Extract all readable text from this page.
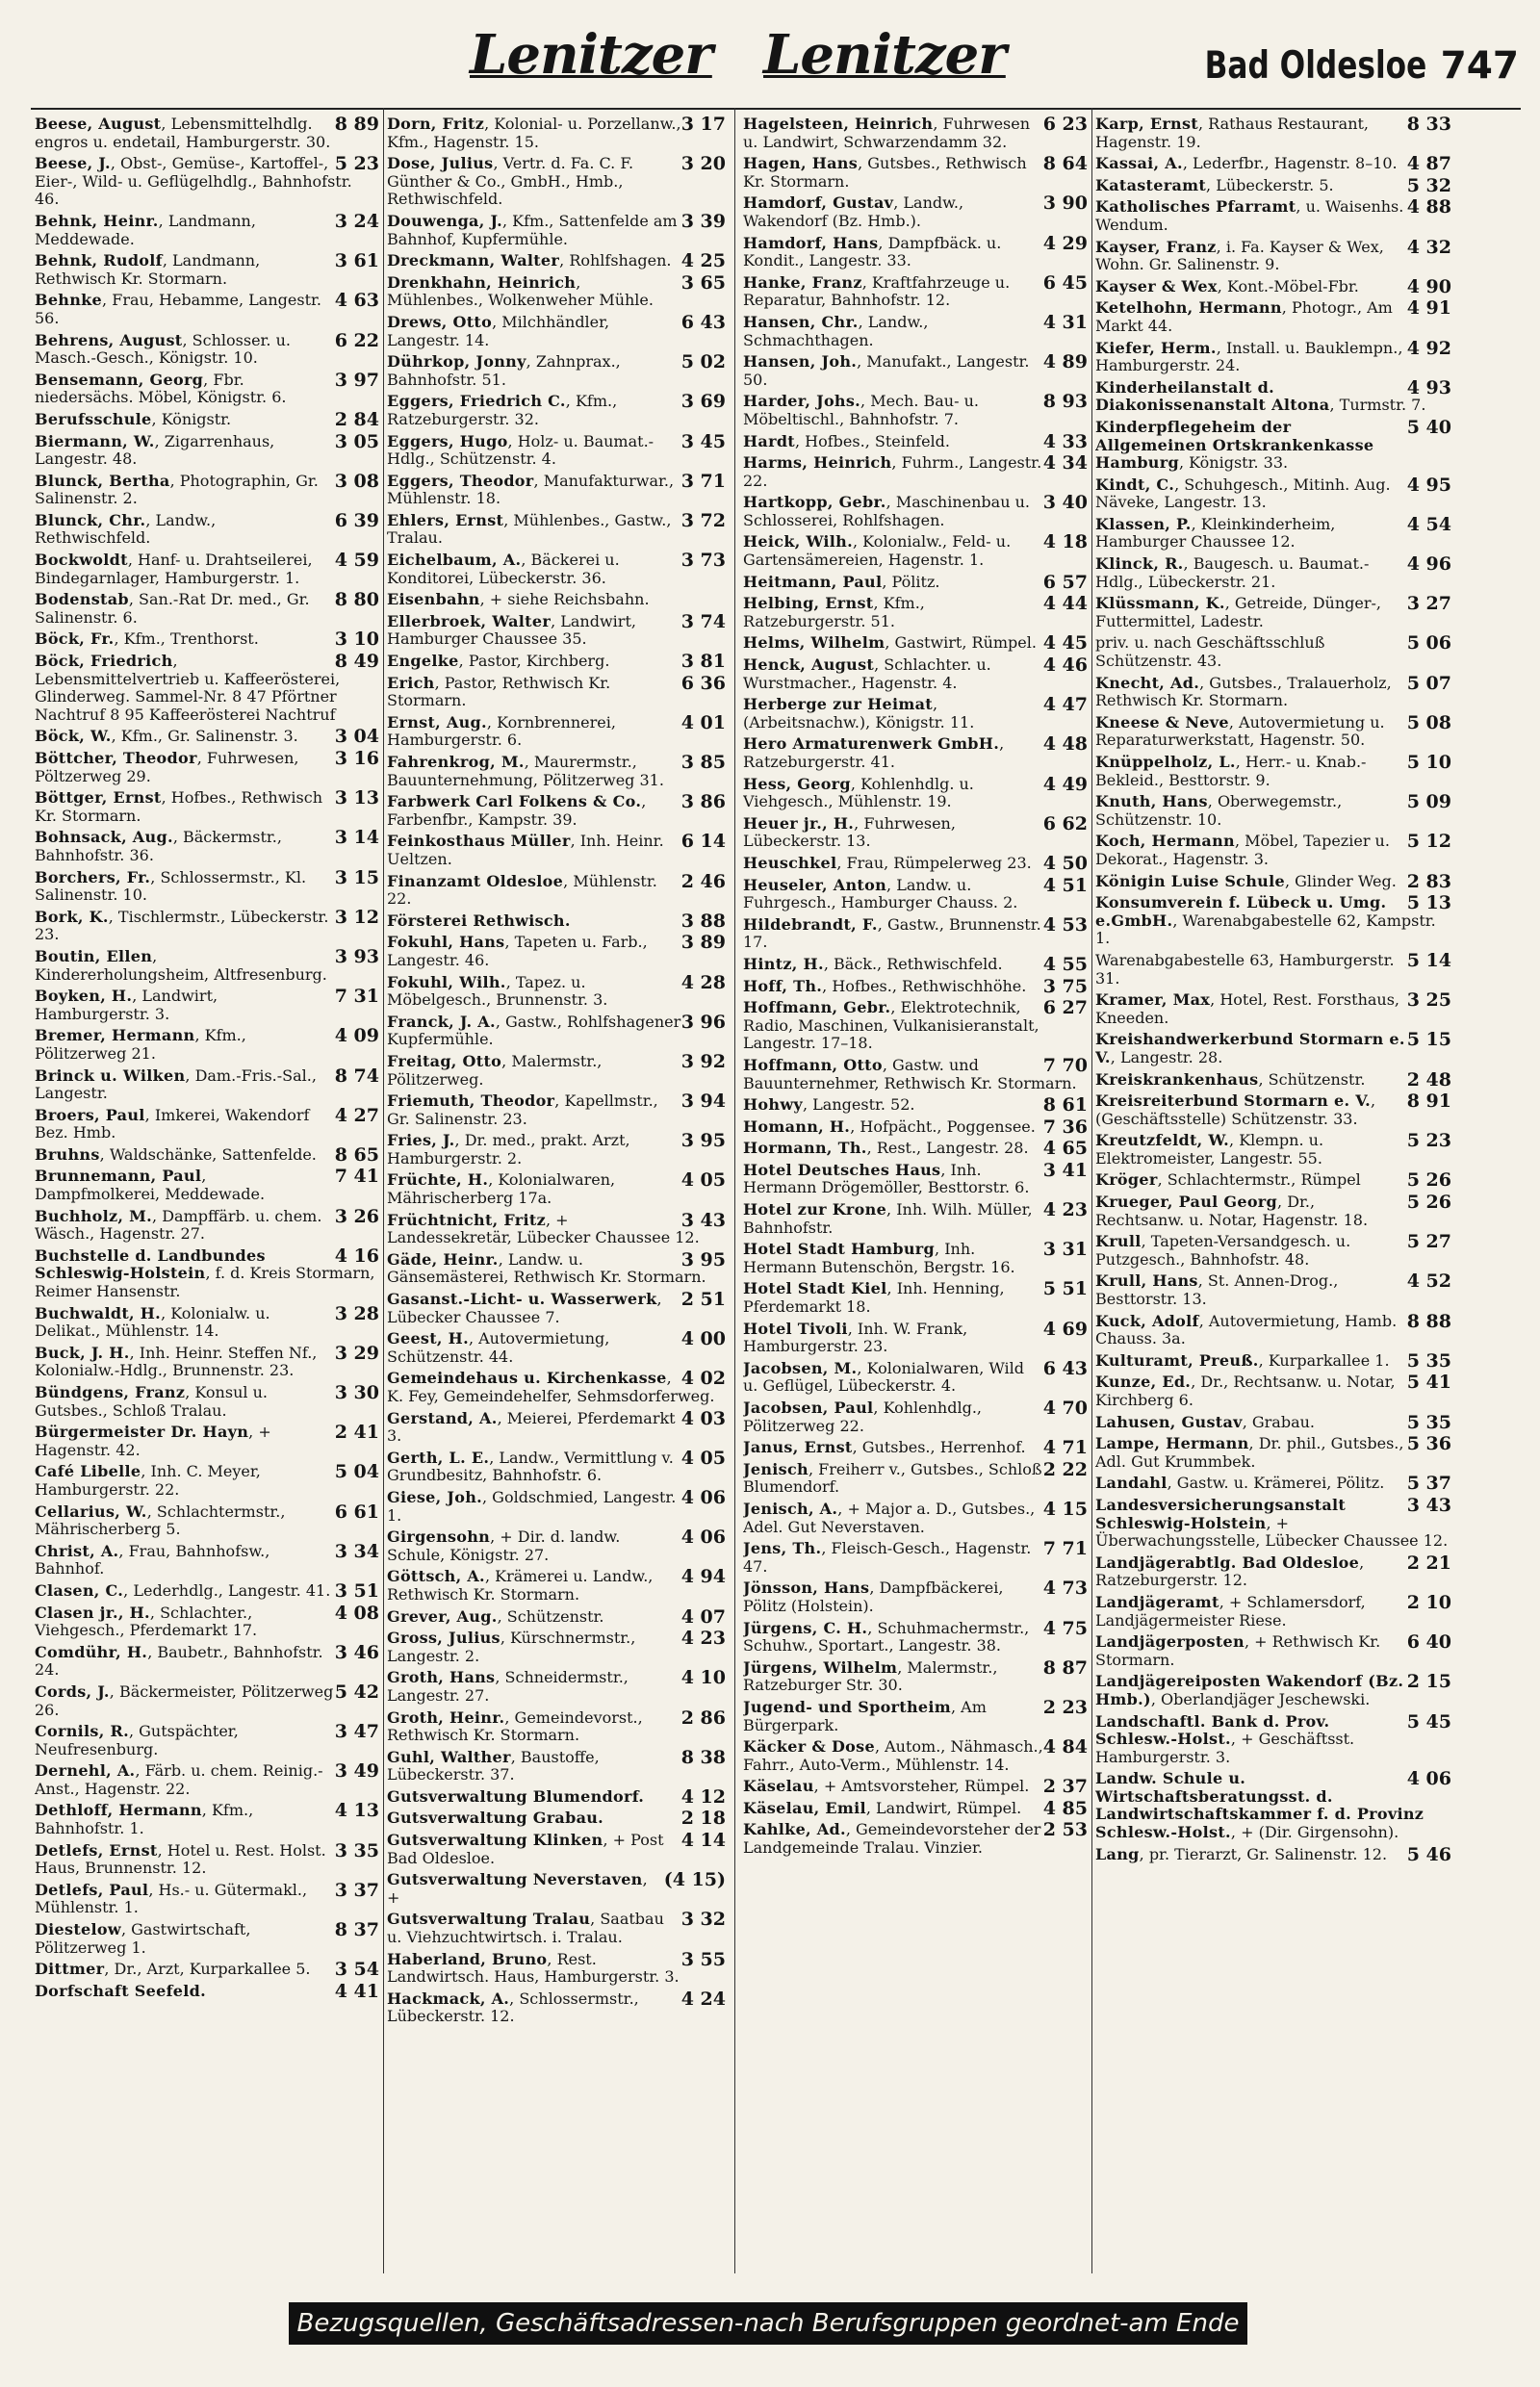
Lenitzer Lenitzer	Bad Oldesloe 747
8 89
Beese, August, Lebensmittelhdlg. engros u. endetail, Hamburgerstr. 30.
5 23
Beese, J., Obst-, Gemüse-, Kartoffel-, Eier-, Wild- u. Geflügelhdlg., Bahnhofstr. 46.
3 24
Behnk, Heinr., Landmann, Meddewade.
3 61
Behnk, Rudolf, Landmann, Rethwisch Kr. Stormarn.
4 63
Behnke, Frau, Hebamme, Langestr. 56.
6 22
Behrens, August, Schlosser. u. Masch.-Gesch., Königstr. 10.
3 97
Bensemann, Georg, Fbr. niedersächs. Möbel, Königstr. 6.
2 84
Berufsschule, Königstr.
3 05
Biermann, W., Zigarrenhaus, Langestr. 48.
3 08
Blunck, Bertha, Photographin, Gr. Salinenstr. 2.
6 39
Blunck, Chr., Landw., Rethwischfeld.
4 59
Bockwoldt, Hanf- u. Drahtseilerei, Bindegarnlager, Hamburgerstr. 1.
8 80
Bodenstab, San.-Rat Dr. med., Gr. Salinenstr. 6.
3 10
Böck, Fr., Kfm., Trenthorst.
8 49
Böck, Friedrich, Lebensmittelvertrieb u. Kaffeerösterei, Glinderweg. Sammel-Nr. 8 47 Pförtner Nachtruf 8 95 Kaffeerösterei Nachtruf
3 04
Böck, W., Kfm., Gr. Salinenstr. 3.
3 16
Böttcher, Theodor, Fuhrwesen, Pöltzerweg 29.
3 13
Böttger, Ernst, Hofbes., Rethwisch Kr. Stormarn.
3 14
Bohnsack, Aug., Bäckermstr., Bahnhofstr. 36.
3 15
Borchers, Fr., Schlossermstr., Kl. Salinenstr. 10.
3 12
Bork, K., Tischlermstr., Lübeckerstr. 23.
3 93
Boutin, Ellen, Kindererholungsheim, Altfresenburg.
7 31
Boyken, H., Landwirt, Hamburgerstr. 3.
4 09
Bremer, Hermann, Kfm., Pölitzerweg 21.
8 74
Brinck u. Wilken, Dam.-Fris.-Sal., Langestr.
4 27
Broers, Paul, Imkerei, Wakendorf Bez. Hmb.
8 65
Bruhns, Waldschänke, Sattenfelde.
7 41
Brunnemann, Paul, Dampfmolkerei, Meddewade.
3 26
Buchholz, M., Dampffärb. u. chem. Wäsch., Hagenstr. 27.
4 16
Buchstelle d. Landbundes Schleswig-Holstein, f. d. Kreis Stormarn, Reimer Hansenstr.
3 28
Buchwaldt, H., Kolonialw. u. Delikat., Mühlenstr. 14.
3 29
Buck, J. H., Inh. Heinr. Steffen Nf., Kolonialw.-Hdlg., Brunnenstr. 23.
3 30
Bündgens, Franz, Konsul u. Gutsbes., Schloß Tralau.
2 41
Bürgermeister Dr. Hayn, + Hagenstr. 42.
5 04
Café Libelle, Inh. C. Meyer, Hamburgerstr. 22.
6 61
Cellarius, W., Schlachtermstr., Mährischerberg 5.
3 34
Christ, A., Frau, Bahnhofsw., Bahnhof.
3 51
Clasen, C., Lederhdlg., Langestr. 41.
4 08
Clasen jr., H., Schlachter., Viehgesch., Pferdemarkt 17.
3 46
Comdühr, H., Baubetr., Bahnhofstr. 24.
5 42
Cords, J., Bäckermeister, Pölitzerweg 26.
3 47
Cornils, R., Gutspächter, Neufresenburg.
3 49
Dernehl, A., Färb. u. chem. Reinig.-Anst., Hagenstr. 22.
4 13
Dethloff, Hermann, Kfm., Bahnhofstr. 1.
3 35
Detlefs, Ernst, Hotel u. Rest. Holst. Haus, Brunnenstr. 12.
3 37
Detlefs, Paul, Hs.- u. Gütermakl., Mühlenstr. 1.
8 37
Diestelow, Gastwirtschaft, Pölitzerweg 1.
3 54
Dittmer, Dr., Arzt, Kurparkallee 5.
4 41
Dorfschaft Seefeld.
3 17
Dorn, Fritz, Kolonial- u. Porzellanw., Kfm., Hagenstr. 15.
3 20
Dose, Julius, Vertr. d. Fa. C. F. Günther & Co., GmbH., Hmb., Rethwischfeld.
3 39
Douwenga, J., Kfm., Sattenfelde am Bahnhof, Kupfermühle.
4 25
Dreckmann, Walter, Rohlfshagen.
3 65
Drenkhahn, Heinrich, Mühlenbes., Wolkenweher Mühle.
6 43
Drews, Otto, Milchhändler, Langestr. 14.
5 02
Dührkop, Jonny, Zahnprax., Bahnhofstr. 51.
3 69
Eggers, Friedrich C., Kfm., Ratzeburgerstr. 32.
3 45
Eggers, Hugo, Holz- u. Baumat.-Hdlg., Schützenstr. 4.
3 71
Eggers, Theodor, Manufakturwar., Mühlenstr. 18.
3 72
Ehlers, Ernst, Mühlenbes., Gastw., Tralau.
3 73
Eichelbaum, A., Bäckerei u. Konditorei, Lübeckerstr. 36.
Eisenbahn, + siehe Reichsbahn.
3 74
Ellerbroek, Walter, Landwirt, Hamburger Chaussee 35.
3 81
Engelke, Pastor, Kirchberg.
6 36
Erich, Pastor, Rethwisch Kr. Stormarn.
4 01
Ernst, Aug., Kornbrennerei, Hamburgerstr. 6.
3 85
Fahrenkrog, M., Maurermstr., Bauunternehmung, Pölitzerweg 31.
3 86
Farbwerk Carl Folkens & Co., Farbenfbr., Kampstr. 39.
6 14
Feinkosthaus Müller, Inh. Heinr. Ueltzen.
2 46
Finanzamt Oldesloe, Mühlenstr. 22.
3 88
Försterei Rethwisch.
3 89
Fokuhl, Hans, Tapeten u. Farb., Langestr. 46.
4 28
Fokuhl, Wilh., Tapez. u. Möbelgesch., Brunnenstr. 3.
3 96
Franck, J. A., Gastw., Rohlfshagener Kupfermühle.
3 92
Freitag, Otto, Malermstr., Pölitzerweg.
3 94
Friemuth, Theodor, Kapellmstr., Gr. Salinenstr. 23.
3 95
Fries, J., Dr. med., prakt. Arzt, Hamburgerstr. 2.
4 05
Früchte, H., Kolonialwaren, Mährischerberg 17a.
3 43
Früchtnicht, Fritz, + Landessekretär, Lübecker Chaussee 12.
3 95
Gäde, Heinr., Landw. u. Gänsemästerei, Rethwisch Kr. Stormarn.
2 51
Gasanst.-Licht- u. Wasserwerk, Lübecker Chaussee 7.
4 00
Geest, H., Autovermietung, Schützenstr. 44.
4 02
Gemeindehaus u. Kirchenkasse, K. Fey, Gemeindehelfer, Sehmsdorferweg.
4 03
Gerstand, A., Meierei, Pferdemarkt 3.
4 05
Gerth, L. E., Landw., Vermittlung v. Grundbesitz, Bahnhofstr. 6.
4 06
Giese, Joh., Goldschmied, Langestr. 1.
4 06
Girgensohn, + Dir. d. landw. Schule, Königstr. 27.
4 94
Göttsch, A., Krämerei u. Landw., Rethwisch Kr. Stormarn.
4 07
Grever, Aug., Schützenstr.
4 23
Gross, Julius, Kürschnermstr., Langestr. 2.
4 10
Groth, Hans, Schneidermstr., Langestr. 27.
2 86
Groth, Heinr., Gemeindevorst., Rethwisch Kr. Stormarn.
8 38
Guhl, Walther, Baustoffe, Lübeckerstr. 37.
4 12
Gutsverwaltung Blumendorf.
2 18
Gutsverwaltung Grabau.
4 14
Gutsverwaltung Klinken, + Post Bad Oldesloe.
(4 15)
Gutsverwaltung Neverstaven, +
3 32
Gutsverwaltung Tralau, Saatbau u. Viehzuchtwirtsch. i. Tralau.
3 55
Haberland, Bruno, Rest. Landwirtsch. Haus, Hamburgerstr. 3.
4 24
Hackmack, A., Schlossermstr., Lübeckerstr. 12.
6 23
Hagelsteen, Heinrich, Fuhrwesen u. Landwirt, Schwarzendamm 32.
8 64
Hagen, Hans, Gutsbes., Rethwisch Kr. Stormarn.
3 90
Hamdorf, Gustav, Landw., Wakendorf (Bz. Hmb.).
4 29
Hamdorf, Hans, Dampfbäck. u. Kondit., Langestr. 33.
6 45
Hanke, Franz, Kraftfahrzeuge u. Reparatur, Bahnhofstr. 12.
4 31
Hansen, Chr., Landw., Schmachthagen.
4 89
Hansen, Joh., Manufakt., Langestr. 50.
8 93
Harder, Johs., Mech. Bau- u. Möbeltischl., Bahnhofstr. 7.
4 33
Hardt, Hofbes., Steinfeld.
4 34
Harms, Heinrich, Fuhrm., Langestr. 22.
3 40
Hartkopp, Gebr., Maschinenbau u. Schlosserei, Rohlfshagen.
4 18
Heick, Wilh., Kolonialw., Feld- u. Gartensämereien, Hagenstr. 1.
6 57
Heitmann, Paul, Pölitz.
4 44
Helbing, Ernst, Kfm., Ratzeburgerstr. 51.
4 45
Helms, Wilhelm, Gastwirt, Rümpel.
4 46
Henck, August, Schlachter. u. Wurstmacher., Hagenstr. 4.
4 47
Herberge zur Heimat, (Arbeitsnachw.), Königstr. 11.
4 48
Hero Armaturenwerk GmbH., Ratzeburgerstr. 41.
4 49
Hess, Georg, Kohlenhdlg. u. Viehgesch., Mühlenstr. 19.
6 62
Heuer jr., H., Fuhrwesen, Lübeckerstr. 13.
4 50
Heuschkel, Frau, Rümpelerweg 23.
4 51
Heuseler, Anton, Landw. u. Fuhrgesch., Hamburger Chauss. 2.
4 53
Hildebrandt, F., Gastw., Brunnenstr. 17.
4 55
Hintz, H., Bäck., Rethwischfeld.
3 75
Hoff, Th., Hofbes., Rethwischhöhe.
6 27
Hoffmann, Gebr., Elektrotechnik, Radio, Maschinen, Vulkanisieranstalt, Langestr. 17–18.
7 70
Hoffmann, Otto, Gastw. und Bauunternehmer, Rethwisch Kr. Stormarn.
8 61
Hohwy, Langestr. 52.
7 36
Homann, H., Hofpächt., Poggensee.
4 65
Hormann, Th., Rest., Langestr. 28.
3 41
Hotel Deutsches Haus, Inh. Hermann Drögemöller, Besttorstr. 6.
4 23
Hotel zur Krone, Inh. Wilh. Müller, Bahnhofstr.
3 31
Hotel Stadt Hamburg, Inh. Hermann Butenschön, Bergstr. 16.
5 51
Hotel Stadt Kiel, Inh. Henning, Pferdemarkt 18.
4 69
Hotel Tivoli, Inh. W. Frank, Hamburgerstr. 23.
6 43
Jacobsen, M., Kolonialwaren, Wild u. Geflügel, Lübeckerstr. 4.
4 70
Jacobsen, Paul, Kohlenhdlg., Pölitzerweg 22.
4 71
Janus, Ernst, Gutsbes., Herrenhof.
2 22
Jenisch, Freiherr v., Gutsbes., Schloß Blumendorf.
4 15
Jenisch, A., + Major a. D., Gutsbes., Adel. Gut Neverstaven.
7 71
Jens, Th., Fleisch-Gesch., Hagenstr. 47.
4 73
Jönsson, Hans, Dampfbäckerei, Pölitz (Holstein).
4 75
Jürgens, C. H., Schuhmachermstr., Schuhw., Sportart., Langestr. 38.
8 87
Jürgens, Wilhelm, Malermstr., Ratzeburger Str. 30.
2 23
Jugend- und Sportheim, Am Bürgerpark.
4 84
Käcker & Dose, Autom., Nähmasch., Fahrr., Auto-Verm., Mühlenstr. 14.
2 37
Käselau, + Amtsvorsteher, Rümpel.
4 85
Käselau, Emil, Landwirt, Rümpel.
2 53
Kahlke, Ad., Gemeindevorsteher der Landgemeinde Tralau. Vinzier.
8 33
Karp, Ernst, Rathaus Restaurant, Hagenstr. 19.
4 87
Kassai, A., Lederfbr., Hagenstr. 8–10.
5 32
Katasteramt, Lübeckerstr. 5.
4 88
Katholisches Pfarramt, u. Waisenhs. Wendum.
4 32
Kayser, Franz, i. Fa. Kayser & Wex, Wohn. Gr. Salinenstr. 9.
4 90
Kayser & Wex, Kont.-Möbel-Fbr.
4 91
Ketelhohn, Hermann, Photogr., Am Markt 44.
4 92
Kiefer, Herm., Install. u. Bauklempn., Hamburgerstr. 24.
4 93
Kinderheilanstalt d. Diakonissenanstalt Altona, Turmstr. 7.
5 40
Kinderpflegeheim der Allgemeinen Ortskrankenkasse Hamburg, Königstr. 33.
4 95
Kindt, C., Schuhgesch., Mitinh. Aug. Näveke, Langestr. 13.
4 54
Klassen, P., Kleinkinderheim, Hamburger Chaussee 12.
4 96
Klinck, R., Baugesch. u. Baumat.-Hdlg., Lübeckerstr. 21.
3 27
Klüssmann, K., Getreide, Dünger-, Futtermittel, Ladestr.
5 06
priv. u. nach Geschäftsschluß Schützenstr. 43.
5 07
Knecht, Ad., Gutsbes., Tralauerholz, Rethwisch Kr. Stormarn.
5 08
Kneese & Neve, Autovermietung u. Reparaturwerkstatt, Hagenstr. 50.
5 10
Knüppelholz, L., Herr.- u. Knab.-Bekleid., Besttorstr. 9.
5 09
Knuth, Hans, Oberwegemstr., Schützenstr. 10.
5 12
Koch, Hermann, Möbel, Tapezier u. Dekorat., Hagenstr. 3.
2 83
Königin Luise Schule, Glinder Weg.
5 13
Konsumverein f. Lübeck u. Umg. e.GmbH., Warenabgabestelle 62, Kampstr. 1.
5 14
Warenabgabestelle 63, Hamburgerstr. 31.
3 25
Kramer, Max, Hotel, Rest. Forsthaus, Kneeden.
5 15
Kreishandwerkerbund Stormarn e. V., Langestr. 28.
2 48
Kreiskrankenhaus, Schützenstr.
8 91
Kreisreiterbund Stormarn e. V., (Geschäftsstelle) Schützenstr. 33.
5 23
Kreutzfeldt, W., Klempn. u. Elektromeister, Langestr. 55.
5 26
Kröger, Schlachtermstr., Rümpel
5 26
Krueger, Paul Georg, Dr., Rechtsanw. u. Notar, Hagenstr. 18.
5 27
Krull, Tapeten-Versandgesch. u. Putzgesch., Bahnhofstr. 48.
4 52
Krull, Hans, St. Annen-Drog., Besttorstr. 13.
8 88
Kuck, Adolf, Autovermietung, Hamb. Chauss. 3a.
5 35
Kulturamt, Preuß., Kurparkallee 1.
5 41
Kunze, Ed., Dr., Rechtsanw. u. Notar, Kirchberg 6.
5 35
Lahusen, Gustav, Grabau.
5 36
Lampe, Hermann, Dr. phil., Gutsbes., Adl. Gut Krummbek.
5 37
Landahl, Gastw. u. Krämerei, Pölitz.
3 43
Landesversicherungsanstalt Schleswig-Holstein, + Überwachungsstelle, Lübecker Chaussee 12.
2 21
Landjägerabtlg. Bad Oldesloe, Ratzeburgerstr. 12.
2 10
Landjägeramt, + Schlamersdorf, Landjägermeister Riese.
6 40
Landjägerposten, + Rethwisch Kr. Stormarn.
2 15
Landjägereiposten Wakendorf (Bz. Hmb.), Oberlandjäger Jeschewski.
5 45
Landschaftl. Bank d. Prov. Schlesw.-Holst., + Geschäftsst. Hamburgerstr. 3.
4 06
Landw. Schule u. Wirtschaftsberatungsst. d. Landwirtschaftskammer f. d. Provinz Schlesw.-Holst., + (Dir. Girgensohn).
5 46
Lang, pr. Tierarzt, Gr. Salinenstr. 12.
Bezugsquellen, Geschäftsadressen-nach Berufsgruppen geordnet-am Ende des Buches
